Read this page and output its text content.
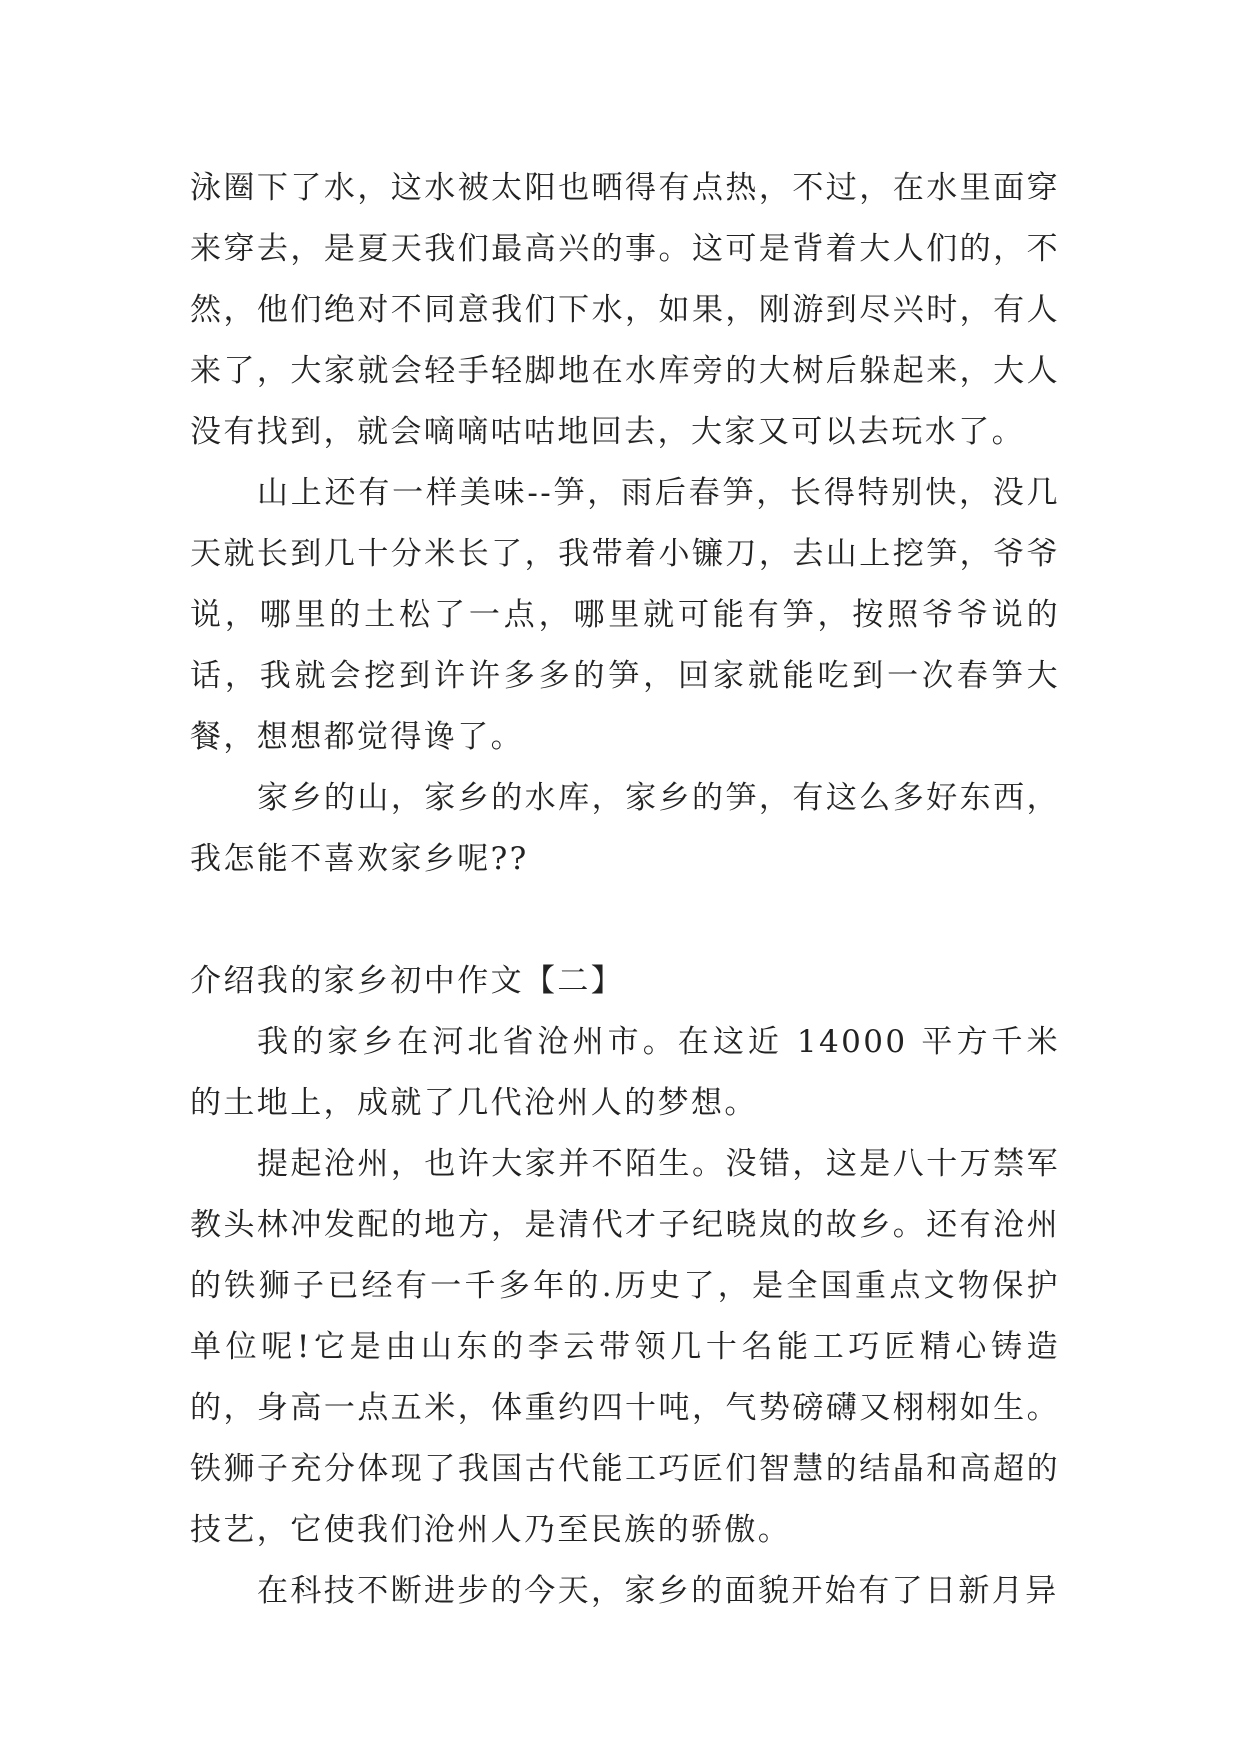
泳圈下了水，这水被太阳也晒得有点热，不过，在水里面穿来穿去，是夏天我们最高兴的事。这可是背着大人们的，不然，他们绝对不同意我们下水，如果，刚游到尽兴时，有人来了，大家就会轻手轻脚地在水库旁的大树后躲起来，大人没有找到，就会嘀嘀咕咕地回去，大家又可以去玩水了。

山上还有一样美味--笋，雨后春笋，长得特别快，没几天就长到几十分米长了，我带着小镰刀，去山上挖笋，爷爷说，哪里的土松了一点，哪里就可能有笋，按照爷爷说的话，我就会挖到许许多多的笋，回家就能吃到一次春笋大餐，想想都觉得谗了。

家乡的山，家乡的水库，家乡的笋，有这么多好东西，我怎能不喜欢家乡呢??

介绍我的家乡初中作文【二】

我的家乡在河北省沧州市。在这近 14000 平方千米的土地上，成就了几代沧州人的梦想。

提起沧州，也许大家并不陌生。没错，这是八十万禁军教头林冲发配的地方，是清代才子纪晓岚的故乡。还有沧州的铁狮子已经有一千多年的.历史了，是全国重点文物保护单位呢!它是由山东的李云带领几十名能工巧匠精心铸造的，身高一点五米，体重约四十吨，气势磅礴又栩栩如生。铁狮子充分体现了我国古代能工巧匠们智慧的结晶和高超的技艺，它使我们沧州人乃至民族的骄傲。

在科技不断进步的今天，家乡的面貌开始有了日新月异
